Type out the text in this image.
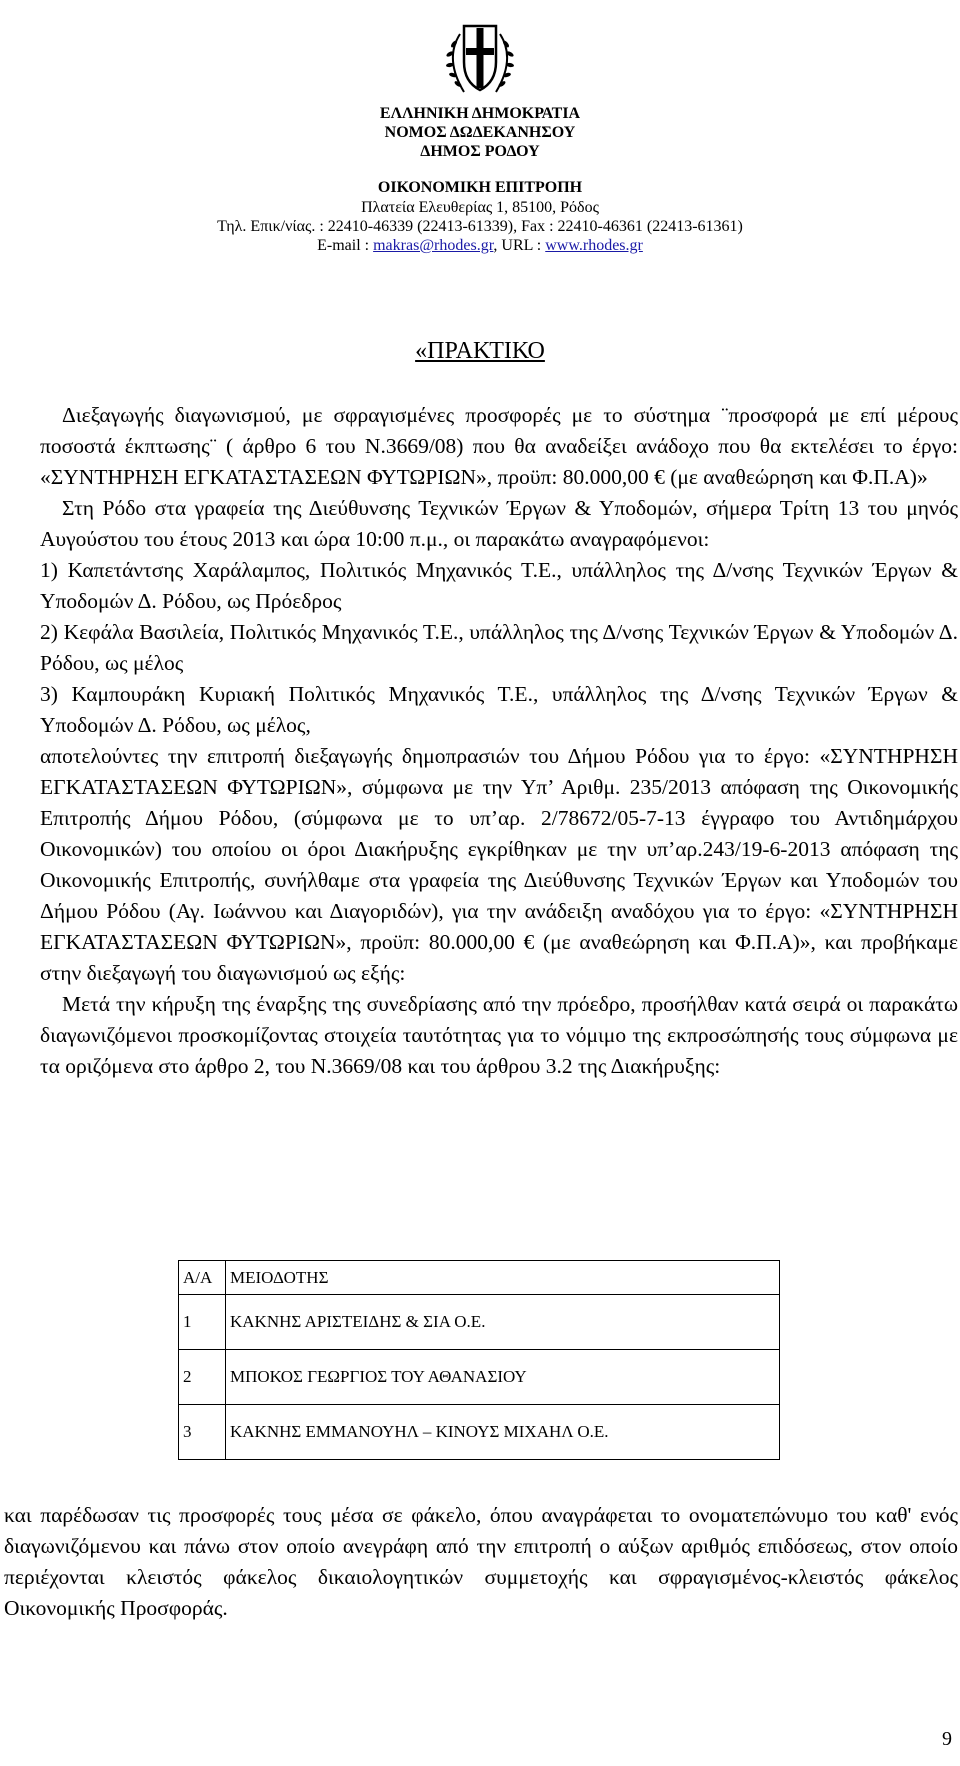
ΕΛΛΗΝΙΚΗ ΔΗΜΟΚΡΑΤΙΑ
ΝΟΜΟΣ ΔΩΔΕΚΑΝΗΣΟΥ
ΔΗΜΟΣ ΡΟΔΟΥ
ΟΙΚΟΝΟΜΙΚΗ ΕΠΙΤΡΟΠΗ
Πλατεία Ελευθερίας 1, 85100, Ρόδος
Τηλ. Επικ/νίας. : 22410-46339 (22413-61339), Fax : 22410-46361 (22413-61361)
E-mail : makras@rhodes.gr, URL : www.rhodes.gr
«ΠΡΑΚΤΙΚΟ

Διεξαγωγής διαγωνισμού, με σφραγισμένες προσφορές με το σύστημα ¨προσφορά με επί μέρους ποσοστά έκπτωσης¨ ( άρθρο 6 του Ν.3669/08) που θα αναδείξει ανάδοχο που θα εκτελέσει το έργο: «ΣΥΝΤΗΡΗΣΗ ΕΓΚΑΤΑΣΤΑΣΕΩΝ ΦΥΤΩΡΙΩΝ», προϋπ: 80.000,00 € (με αναθεώρηση και Φ.Π.Α)»

Στη Ρόδο στα γραφεία της Διεύθυνσης Τεχνικών Έργων & Υποδομών, σήμερα Τρίτη 13 του μηνός Αυγούστου του έτους 2013 και ώρα 10:00 π.μ., οι παρακάτω αναγραφόμενοι:

1) Καπετάντσης Χαράλαμπος, Πολιτικός Μηχανικός Τ.Ε., υπάλληλος της Δ/νσης Τεχνικών Έργων & Υποδομών Δ. Ρόδου, ως Πρόεδρος

2) Κεφάλα Βασιλεία, Πολιτικός Μηχανικός Τ.Ε., υπάλληλος της Δ/νσης Τεχνικών Έργων & Υποδομών Δ. Ρόδου, ως μέλος

3) Καμπουράκη Κυριακή Πολιτικός Μηχανικός Τ.Ε., υπάλληλος της Δ/νσης Τεχνικών Έργων & Υποδομών Δ. Ρόδου, ως μέλος,

αποτελούντες την επιτροπή διεξαγωγής δημοπρασιών του Δήμου Ρόδου για το έργο: «ΣΥΝΤΗΡΗΣΗ ΕΓΚΑΤΑΣΤΑΣΕΩΝ ΦΥΤΩΡΙΩΝ», σύμφωνα με την Υπ’ Αριθμ. 235/2013 απόφαση της Οικονομικής Επιτροπής Δήμου Ρόδου, (σύμφωνα με το υπ’αρ. 2/78672/05-7-13 έγγραφο του Αντιδημάρχου Οικονομικών) του οποίου οι όροι Διακήρυξης εγκρίθηκαν με την υπ’αρ.243/19-6-2013 απόφαση της Οικονομικής Επιτροπής, συνήλθαμε στα γραφεία της Διεύθυνσης Τεχνικών Έργων και Υποδομών του Δήμου Ρόδου (Αγ. Ιωάννου και Διαγοριδών), για την ανάδειξη αναδόχου για το έργο: «ΣΥΝΤΗΡΗΣΗ ΕΓΚΑΤΑΣΤΑΣΕΩΝ ΦΥΤΩΡΙΩΝ», προϋπ: 80.000,00 € (με αναθεώρηση και Φ.Π.Α)», και προβήκαμε στην διεξαγωγή του διαγωνισμού ως εξής:

Μετά την κήρυξη της έναρξης της συνεδρίασης από την πρόεδρο, προσήλθαν κατά σειρά οι παρακάτω διαγωνιζόμενοι προσκομίζοντας στοιχεία ταυτότητας για το νόμιμο της εκπροσώπησής τους σύμφωνα με τα οριζόμενα στο άρθρο 2, του Ν.3669/08 και του άρθρου 3.2 της Διακήρυξης:

Α/Α	ΜΕΙΟΔΟΤΗΣ
1	ΚΑΚΝΗΣ ΑΡΙΣΤΕΙΔΗΣ & ΣΙΑ Ο.Ε.
2	ΜΠΟΚΟΣ ΓΕΩΡΓΙΟΣ ΤΟΥ ΑΘΑΝΑΣΙΟΥ
3	ΚΑΚΝΗΣ ΕΜΜΑΝΟΥΗΛ – ΚΙΝΟΥΣ ΜΙΧΑΗΛ Ο.Ε.
και παρέδωσαν τις προσφορές τους μέσα σε φάκελο, όπου αναγράφεται το ονοματεπώνυμο του καθ' ενός διαγωνιζόμενου και πάνω στον οποίο ανεγράφη από την επιτροπή ο αύξων αριθμός επιδόσεως, στον οποίο περιέχονται κλειστός φάκελος δικαιολογητικών συμμετοχής και σφραγισμένος-κλειστός φάκελος Οικονομικής Προσφοράς.
9
